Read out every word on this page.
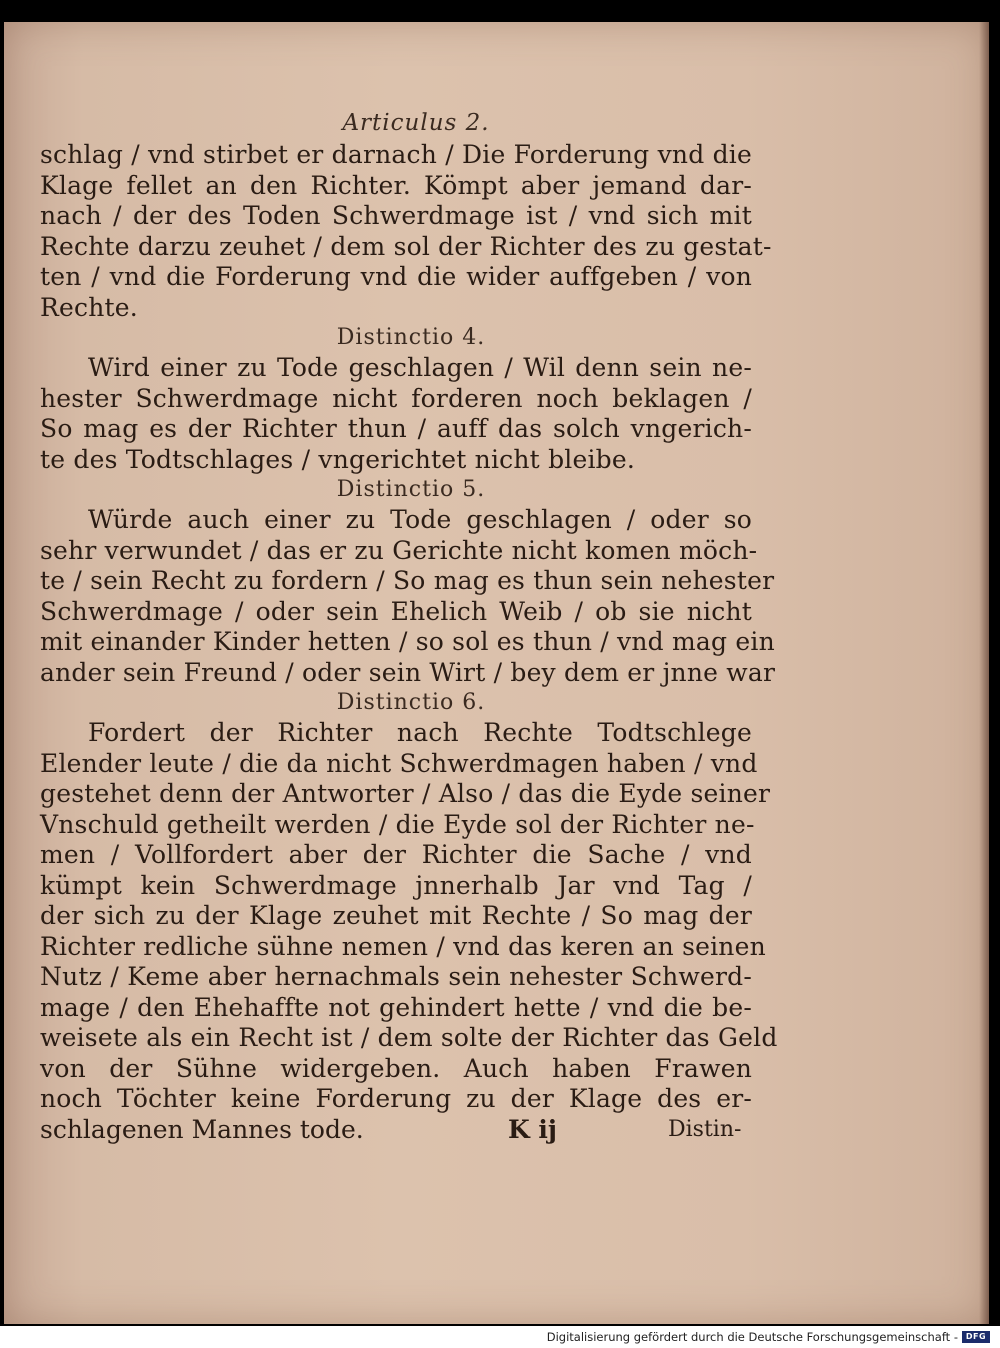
Articulus 2.
schlag / vnd stirbet er darnach / Die Forderung vnd die
Klage fellet an den Richter. Kömpt aber jemand dar-
nach / der des Toden Schwerdmage ist / vnd sich mit
Rechte darzu zeuhet / dem sol der Richter des zu gestat-
ten / vnd die Forderung vnd die wider auffgeben / von
Rechte.
Distinctio 4.
Wird einer zu Tode geschlagen / Wil denn sein ne-
hester Schwerdmage nicht forderen noch beklagen /
So mag es der Richter thun / auff das solch vngerich-
te des Todtschlages / vngerichtet nicht bleibe.
Distinctio 5.
Würde auch einer zu Tode geschlagen / oder so
sehr verwundet / das er zu Gerichte nicht komen möch-
te / sein Recht zu fordern / So mag es thun sein nehester
Schwerdmage / oder sein Ehelich Weib / ob sie nicht
mit einander Kinder hetten / so sol es thun / vnd mag ein
ander sein Freund / oder sein Wirt / bey dem er jnne war
Distinctio 6.
Fordert der Richter nach Rechte Todtschlege
Elender leute / die da nicht Schwerdmagen haben / vnd
gestehet denn der Antworter / Also / das die Eyde seiner
Vnschuld getheilt werden / die Eyde sol der Richter ne-
men / Vollfordert aber der Richter die Sache / vnd
kümpt kein Schwerdmage jnnerhalb Jar vnd Tag /
der sich zu der Klage zeuhet mit Rechte / So mag der
Richter redliche sühne nemen / vnd das keren an seinen
Nutz / Keme aber hernachmals sein nehester Schwerd-
mage / den Ehehaffte not gehindert hette / vnd die be-
weisete als ein Recht ist / dem solte der Richter das Geld
von der Sühne widergeben. Auch haben Frawen
noch Töchter keine Forderung zu der Klage des er-
schlagenen Mannes tode.	K ij	Distin-
Digitalisierung gefördert durch die Deutsche Forschungsgemeinschaft - DFG
